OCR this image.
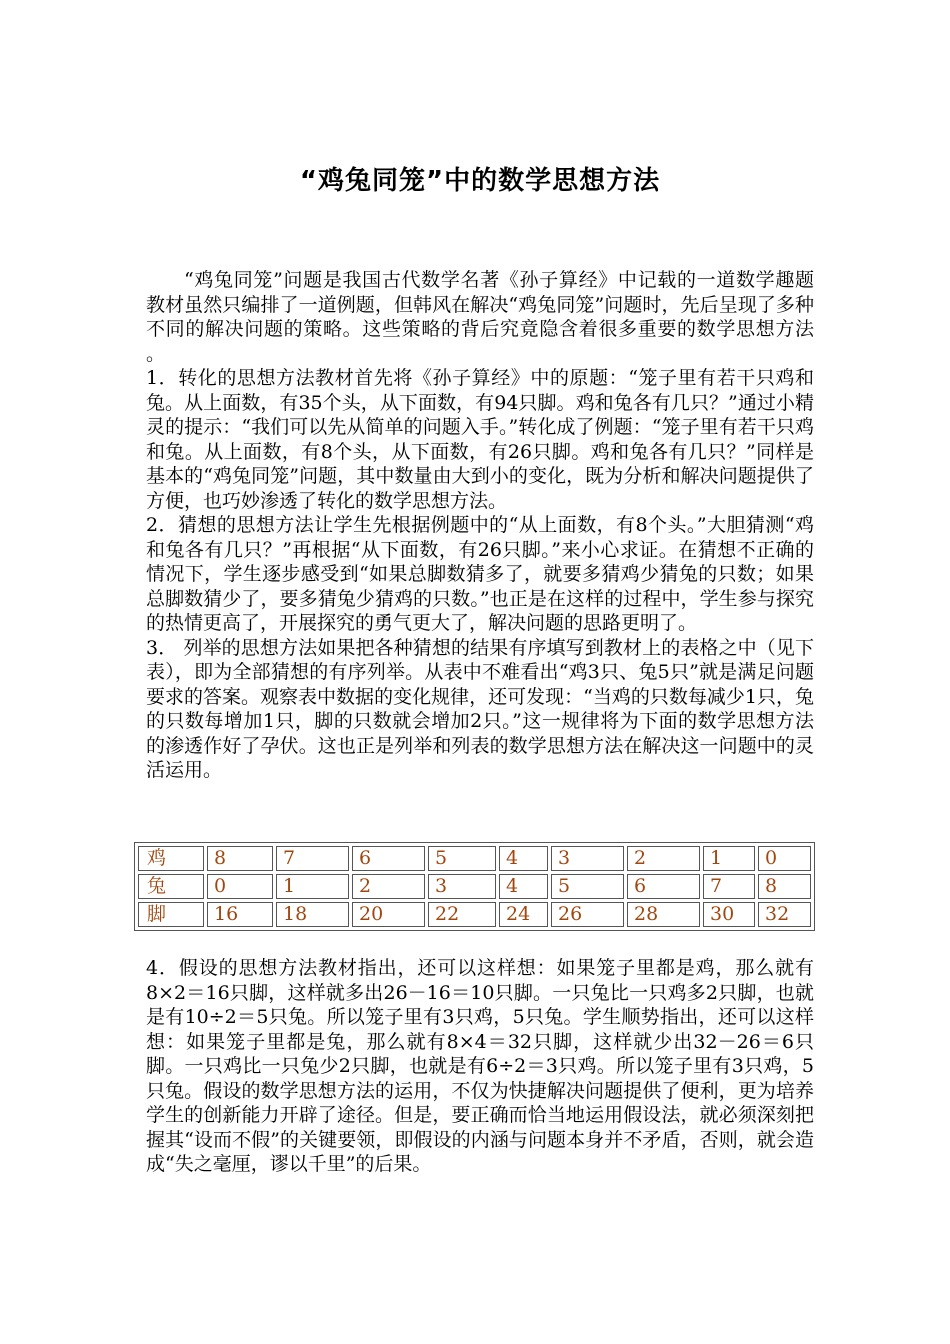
“鸡兔同笼”中的数学思想方法

“鸡兔同笼”问题是我国古代数学名著《孙子算经》中记载的一道数学趣题 教材虽然只编排了一道例题，但韩风在解决“鸡兔同笼”问题时，先后呈现了多种不同的解决问题的策略。这些策略的背后究竟隐含着很多重要的数学思想方法 。

1．转化的思想方法教材首先将《孙子算经》中的原题：“笼子里有若干只鸡和兔。从上面数，有35个头，从下面数，有94只脚。鸡和兔各有几只？”通过小精灵的提示：“我们可以先从简单的问题入手。”转化成了例题：“笼子里有若干只鸡和兔。从上面数，有8个头，从下面数，有26只脚。鸡和兔各有几只？”同样是基本的“鸡兔同笼”问题，其中数量由大到小的变化，既为分析和解决问题提供了方便，也巧妙渗透了转化的数学思想方法。

2．猜想的思想方法让学生先根据例题中的“从上面数，有8个头。”大胆猜测“鸡和兔各有几只？”再根据“从下面数，有26只脚。”来小心求证。在猜想不正确的情况下，学生逐步感受到“如果总脚数猜多了，就要多猜鸡少猜兔的只数；如果总脚数猜少了，要多猜兔少猜鸡的只数。”也正是在这样的过程中，学生参与探究的热情更高了，开展探究的勇气更大了，解决问题的思路更明了。

3． 列举的思想方法如果把各种猜想的结果有序填写到教材上的表格之中（见下表），即为全部猜想的有序列举。从表中不难看出“鸡3只、兔5只”就是满足问题要求的答案。观察表中数据的变化规律，还可发现：“当鸡的只数每减少1只，兔的只数每增加1只，脚的只数就会增加2只。”这一规律将为下面的数学思想方法的渗透作好了孕伏。这也正是列举和列表的数学思想方法在解决这一问题中的灵活运用。

鸡	8	7	6	5	4	3	2	1	0
兔	0	1	2	3	4	5	6	7	8
脚	16	18	20	22	24	26	28	30	32

4．假设的思想方法教材指出，还可以这样想：如果笼子里都是鸡，那么就有8×2＝16只脚，这样就多出26－16＝10只脚。一只兔比一只鸡多2只脚，也就是有10÷2＝5只兔。所以笼子里有3只鸡，5只兔。学生顺势指出，还可以这样想：如果笼子里都是兔，那么就有8×4＝32只脚，这样就少出32－26＝6只脚。一只鸡比一只兔少2只脚，也就是有6÷2＝3只鸡。所以笼子里有3只鸡，5只兔。假设的数学思想方法的运用，不仅为快捷解决问题提供了便利，更为培养学生的创新能力开辟了途径。但是，要正确而恰当地运用假设法，就必须深刻把握其“设而不假”的关键要领，即假设的内涵与问题本身并不矛盾，否则，就会造成“失之毫厘，谬以千里”的后果。
